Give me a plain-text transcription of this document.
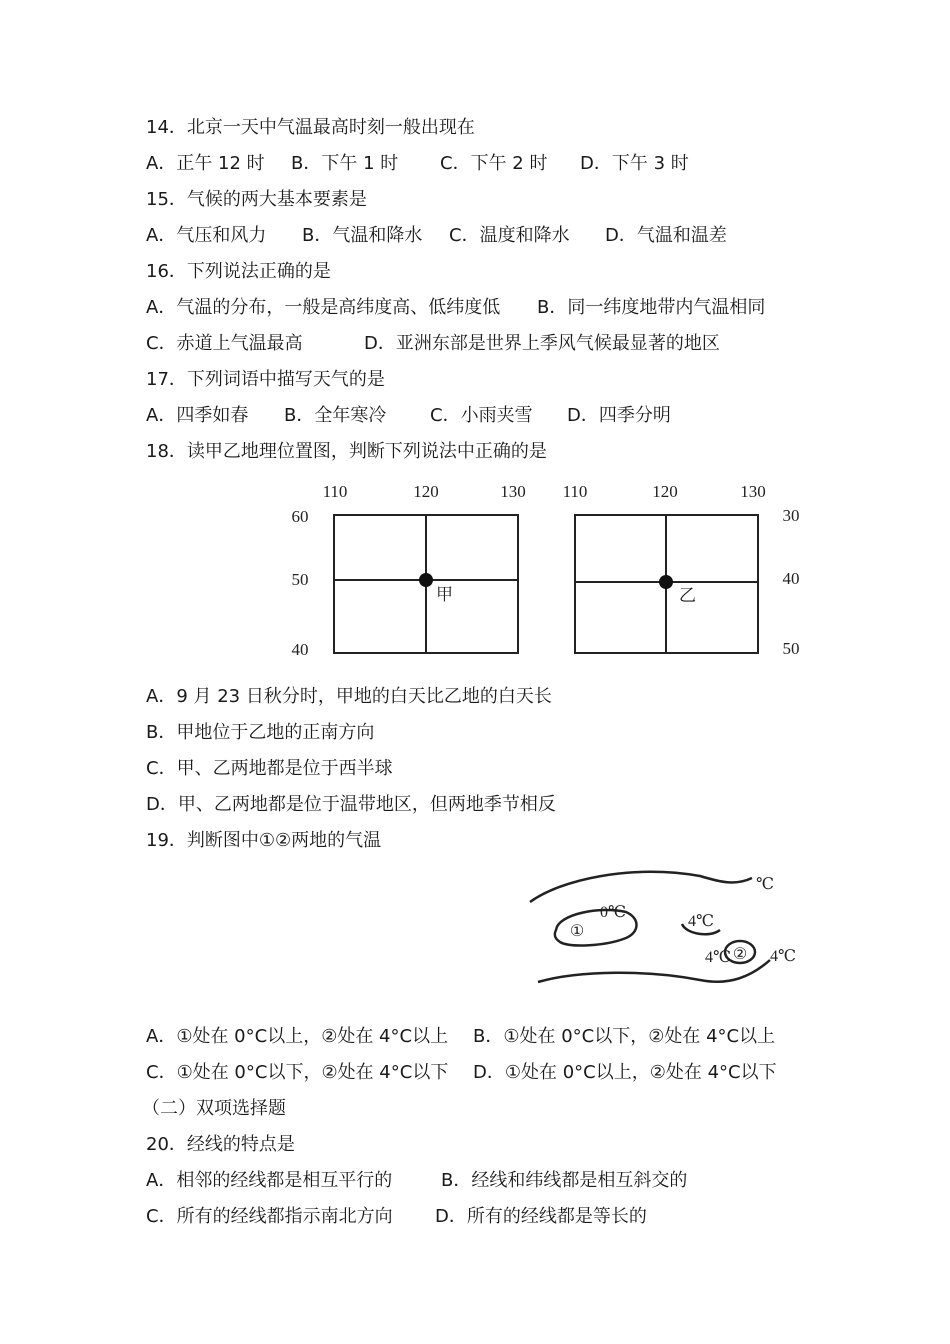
14．北京一天中气温最高时刻一般出现在
A．正午 12 时 B．下午 1 时 C．下午 2 时 D．下午 3 时
15．气候的两大基本要素是
A．气压和风力 B．气温和降水 C．温度和降水 D．气温和温差
16．下列说法正确的是
A．气温的分布，一般是高纬度高、低纬度低 B．同一纬度地带内气温相同
C．赤道上气温最高	D．亚洲东部是世界上季风气候最显著的地区
17．下列词语中描写天气的是
A．四季如春 B．全年寒冷 C．小雨夹雪 D．四季分明
18．读甲乙地理位置图，判断下列说法中正确的是
110	120	130
60
50
40
甲
110	120	130
30
40
50
乙
A．9 月 23 日秋分时，甲地的白天比乙地的白天长
B．甲地位于乙地的正南方向
C．甲、乙两地都是位于西半球
D．甲、乙两地都是位于温带地区，但两地季节相反
19．判断图中①②两地的气温
℃
①
0℃
4℃
4℃ ② 4℃
A．①处在 0°C以上，②处在 4°C以上 B．①处在 0°C以下，②处在 4°C以上
C．①处在 0°C以下，②处在 4°C以下 D．①处在 0°C以上，②处在 4°C以下
（二）双项选择题
20．经线的特点是
A．相邻的经线都是相互平行的	B．经线和纬线都是相互斜交的
C．所有的经线都指示南北方向 D．所有的经线都是等长的
